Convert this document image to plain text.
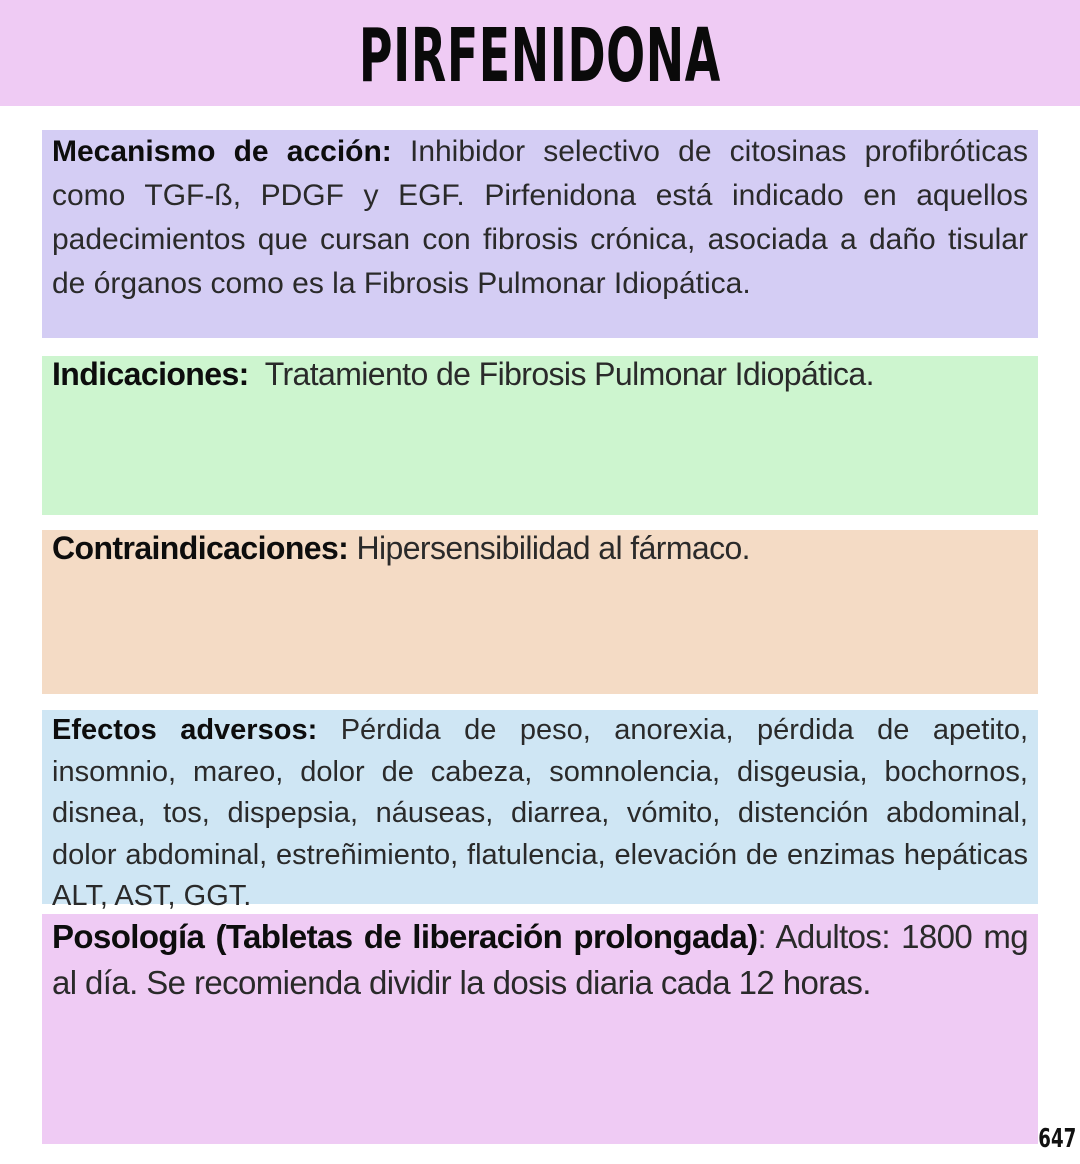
PIRFENIDONA

Mecanismo de acción: Inhibidor selectivo de citosinas profibróticas como TGF-ß, PDGF y EGF. Pirfenidona está indicado en aquellos padecimientos que cursan con fibrosis crónica, asociada a daño tisular de órganos como es la Fibrosis Pulmonar Idiopática.

Indicaciones:  Tratamiento de Fibrosis Pulmonar Idiopática.

Contraindicaciones: Hipersensibilidad al fármaco.

Efectos adversos: Pérdida de peso, anorexia, pérdida de apetito, insomnio, mareo, dolor de cabeza, somnolencia, disgeusia, bochornos, disnea, tos, dispepsia, náuseas, diarrea, vómito, distención abdominal, dolor abdominal, estreñimiento, flatulencia, elevación de enzimas hepáticas ALT, AST, GGT.

Posología (Tabletas de liberación prolongada): Adultos: 1800 mg al día. Se recomienda dividir la dosis diaria cada 12 horas.

647
